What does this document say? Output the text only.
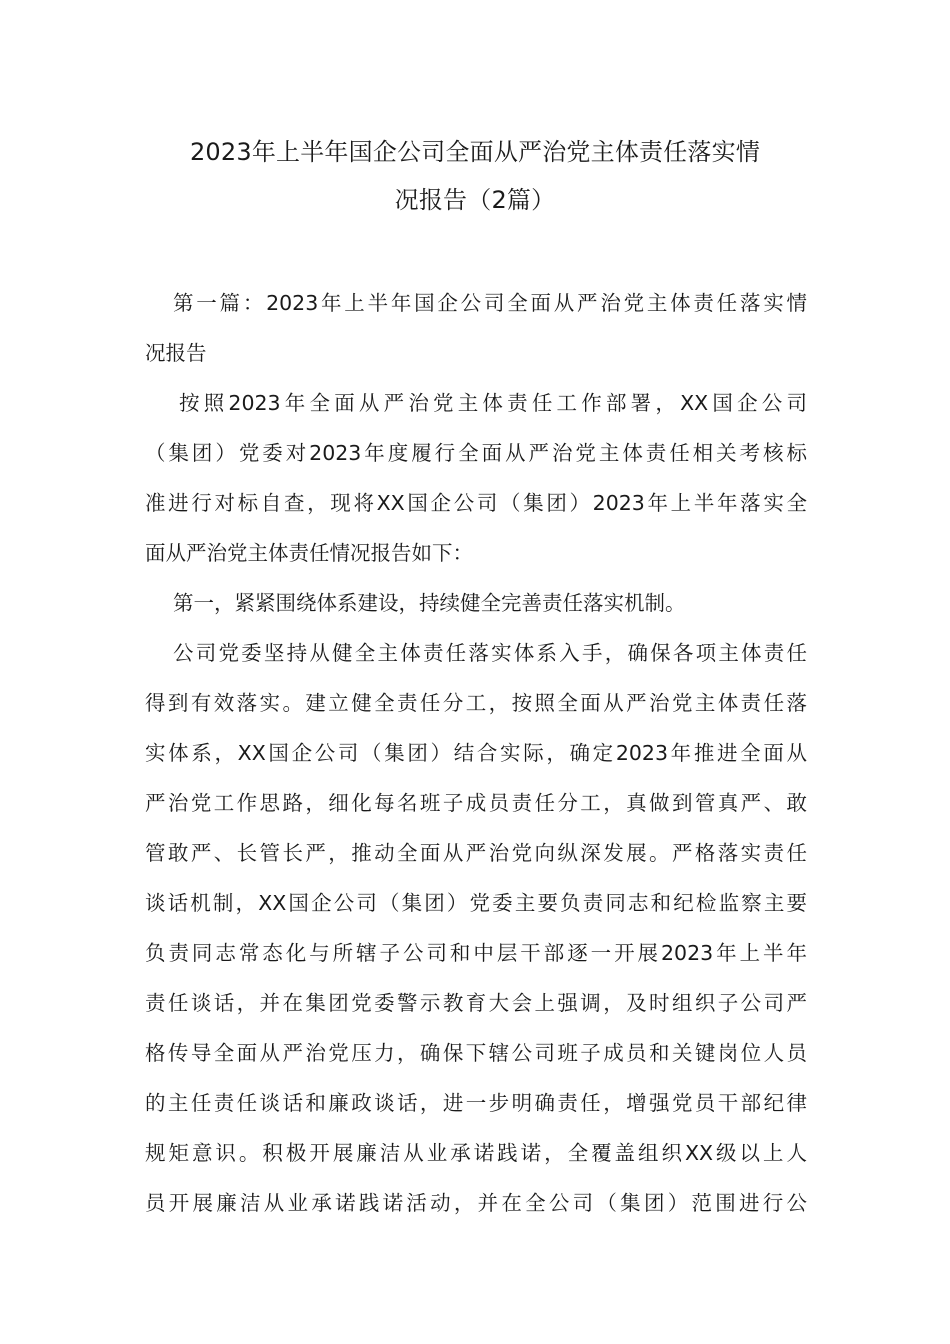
2023年上半年国企公司全面从严治党主体责任落实情
况报告（2篇）
第一篇：2023年上半年国企公司全面从严治党主体责任落实情
况报告
按照2023年全面从严治党主体责任工作部署，XX国企公司
（集团）党委对2023年度履行全面从严治党主体责任相关考核标
准进行对标自查，现将XX国企公司（集团）2023年上半年落实全
面从严治党主体责任情况报告如下：
第一，紧紧围绕体系建设，持续健全完善责任落实机制。
公司党委坚持从健全主体责任落实体系入手，确保各项主体责任
得到有效落实。建立健全责任分工，按照全面从严治党主体责任落
实体系，XX国企公司（集团）结合实际，确定2023年推进全面从
严治党工作思路，细化每名班子成员责任分工，真做到管真严、敢
管敢严、长管长严，推动全面从严治党向纵深发展。严格落实责任
谈话机制，XX国企公司（集团）党委主要负责同志和纪检监察主要
负责同志常态化与所辖子公司和中层干部逐一开展2023年上半年
责任谈话，并在集团党委警示教育大会上强调，及时组织子公司严
格传导全面从严治党压力，确保下辖公司班子成员和关键岗位人员
的主任责任谈话和廉政谈话，进一步明确责任，增强党员干部纪律
规矩意识。积极开展廉洁从业承诺践诺，全覆盖组织XX级以上人
员开展廉洁从业承诺践诺活动，并在全公司（集团）范围进行公
